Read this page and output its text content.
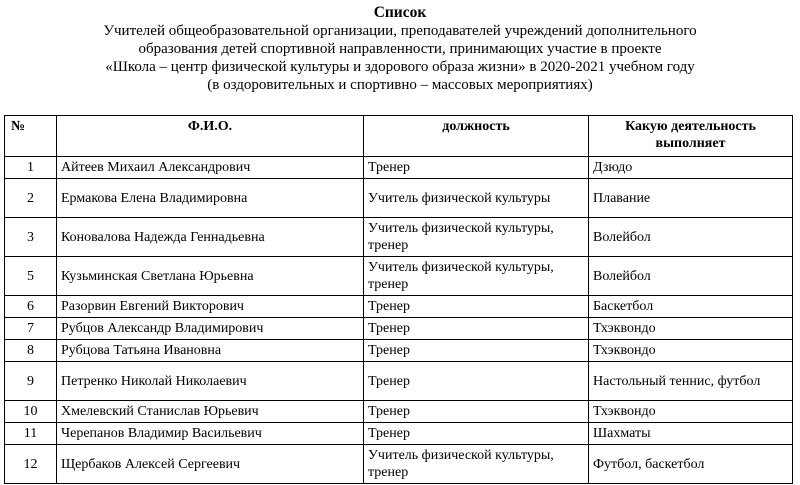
Список
Учителей общеобразовательной организации, преподавателей учреждений дополнительного
образования детей спортивной направленности, принимающих участие в проекте
«Школа – центр физической культуры и здорового образа жизни» в 2020-2021 учебном году
(в оздоровительных и спортивно – массовых мероприятиях)
№	Ф.И.О.	должность	Какую деятельность выполняет
1	Айтеев Михаил Александрович	Тренер	Дзюдо
2	Ермакова Елена Владимировна	Учитель физической культуры	Плавание
3	Коновалова Надежда Геннадьевна	Учитель физической культуры, тренер	Волейбол
5	Кузьминская Светлана Юрьевна	Учитель физической культуры, тренер	Волейбол
6	Разорвин Евгений Викторович	Тренер	Баскетбол
7	Рубцов Александр Владимирович	Тренер	Тхэквондо
8	Рубцова Татьяна Ивановна	Тренер	Тхэквондо
9	Петренко Николай Николаевич	Тренер	Настольный теннис, футбол
10	Хмелевский Станислав Юрьевич	Тренер	Тхэквондо
11	Черепанов Владимир Васильевич	Тренер	Шахматы
12	Щербаков Алексей Сергеевич	Учитель физической культуры, тренер	Футбол, баскетбол
